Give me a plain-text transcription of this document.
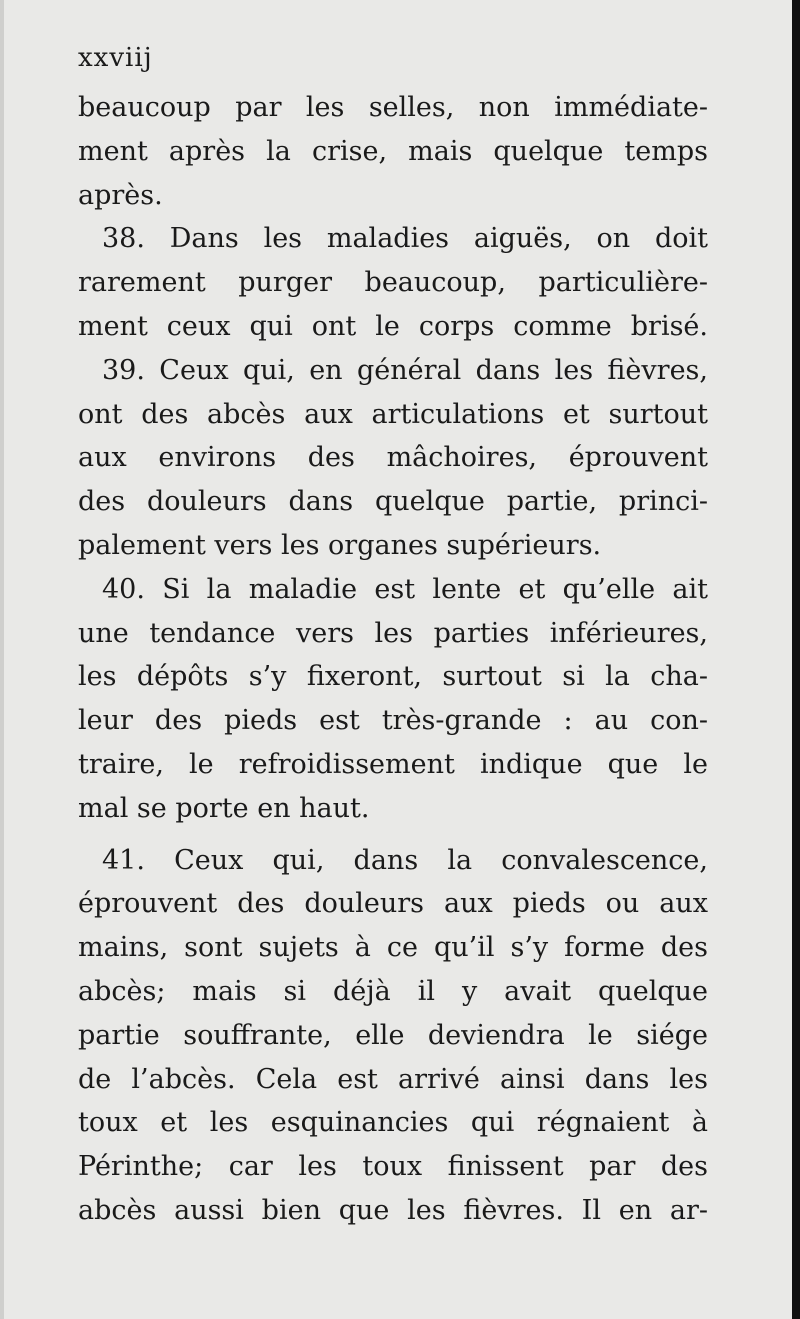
xxviij
beaucoup par les selles, non immédiate-
ment après la crise, mais quelque temps
après.
38. Dans les maladies aiguës, on doit
rarement purger beaucoup, particulière-
ment ceux qui ont le corps comme brisé.
39. Ceux qui, en général dans les fièvres,
ont des abcès aux articulations et surtout
aux environs des mâchoires, éprouvent
des douleurs dans quelque partie, princi-
palement vers les organes supérieurs.
40. Si la maladie est lente et qu’elle ait
une tendance vers les parties inférieures,
les dépôts s’y fixeront, surtout si la cha-
leur des pieds est très-grande : au con-
traire, le refroidissement indique que le
mal se porte en haut.
41. Ceux qui, dans la convalescence,
éprouvent des douleurs aux pieds ou aux
mains, sont sujets à ce qu’il s’y forme des
abcès; mais si déjà il y avait quelque
partie souffrante, elle deviendra le siége
de l’abcès. Cela est arrivé ainsi dans les
toux et les esquinancies qui régnaient à
Périnthe; car les toux finissent par des
abcès aussi bien que les fièvres. Il en ar-
